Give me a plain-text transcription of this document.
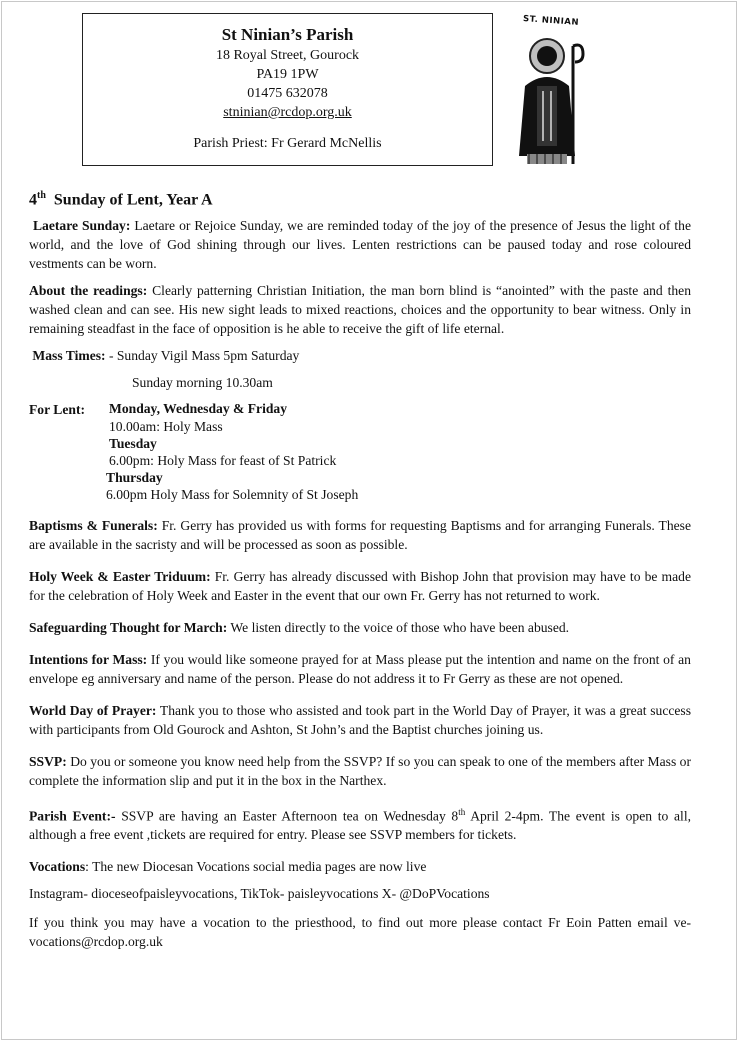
St Ninian’s Parish
18 Royal Street, Gourock
PA19 1PW
01475 632078
stninian@rcdop.org.uk
Parish Priest: Fr Gerard McNellis
ST. NINIAN
4th Sunday of Lent, Year A

Laetare Sunday: Laetare or Rejoice Sunday, we are reminded today of the joy of the presence of Jesus the light of the world, and the love of God shining through our lives. Lenten restrictions can be paused today and rose coloured vestments can be worn.

About the readings: Clearly patterning Christian Initiation, the man born blind is “anointed” with the paste and then washed clean and can see. His new sight leads to mixed reactions, choices and the opportunity to bear witness. Only in remaining steadfast in the face of opposition is he able to receive the gift of life eternal.

Mass Times: - Sunday Vigil Mass 5pm Saturday

Sunday morning 10.30am

For Lent:	Monday, Wednesday & Friday
10.00am: Holy Mass
Tuesday
6.00pm: Holy Mass for feast of St Patrick
Thursday
6.00pm Holy Mass for Solemnity of St Joseph

Baptisms & Funerals: Fr. Gerry has provided us with forms for requesting Baptisms and for arranging Funerals. These are available in the sacristy and will be processed as soon as possible.

Holy Week & Easter Triduum: Fr. Gerry has already discussed with Bishop John that provision may have to be made for the celebration of Holy Week and Easter in the event that our own Fr. Gerry has not returned to work.

Safeguarding Thought for March: We listen directly to the voice of those who have been abused.

Intentions for Mass: If you would like someone prayed for at Mass please put the intention and name on the front of an envelope eg anniversary and name of the person. Please do not address it to Fr Gerry as these are not opened.

World Day of Prayer: Thank you to those who assisted and took part in the World Day of Prayer, it was a great success with participants from Old Gourock and Ashton, St John’s and the Baptist churches joining us.

SSVP: Do you or someone you know need help from the SSVP? If so you can speak to one of the members after Mass or complete the information slip and put it in the box in the Narthex.

Parish Event:- SSVP are having an Easter Afternoon tea on Wednesday 8th April 2-4pm. The event is open to all, although a free event ,tickets are required for entry. Please see SSVP members for tickets.

Vocations: The new Diocesan Vocations social media pages are now live

Instagram- dioceseofpaisleyvocations, TikTok- paisleyvocations X- @DoPVocations

If you think you may have a vocation to the priesthood, to find out more please contact Fr Eoin Patten email ve-vocations@rcdop.org.uk
